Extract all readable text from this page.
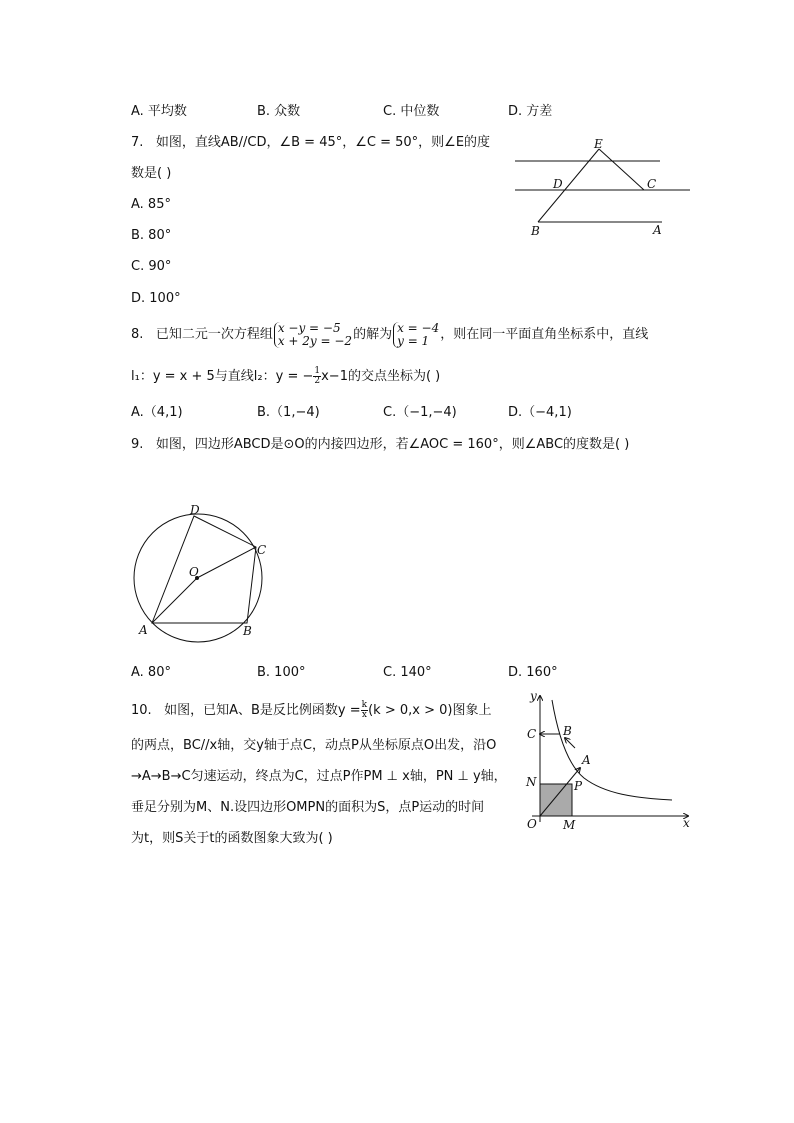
A. 平均数	B. 众数	C. 中位数	D. 方差
7. 如图，直线AB//CD，∠B = 45°，∠C = 50°，则∠E的度
数是( )
A. 85°
B. 80°
C. 90°
D. 100°
E
D	C
B	A
8. 已知二元一次方程组 x −y = −5
x + 2y = −2 的解为 x = −4
y = 1 ，则在同一平面直角坐标系中，直线
l₁：y = x + 5与直线l₂：y = − $\frac{1}{2} x-1$的交点坐标为( )
A.（4,1)	B.（1,−4)	C.（−1,−4)	D.（−4,1)
9. 如图，四边形ABCD是⊙O的内接四边形，若∠AOC = 160°，则∠ABC的度数是( )
D
C
O
A	B
A. 80°	B. 100°	C. 140°	D. 160°
10. 如图，已知A、B是反比例函数$y = \frac{k}{x} (k > 0,x > 0)$图象上
的两点，BC//x轴，交y轴于点C，动点P从坐标原点O出发，沿O
→A→B→C匀速运动，终点为C，过点P作PM ⊥ x轴，PN ⊥ y轴，
垂足分别为M、N.设四边形OMPN的面积为S，点P运动的时间
为t，则S关于t的函数图象大致为( )
y
x
C B
A
N	P
O M
